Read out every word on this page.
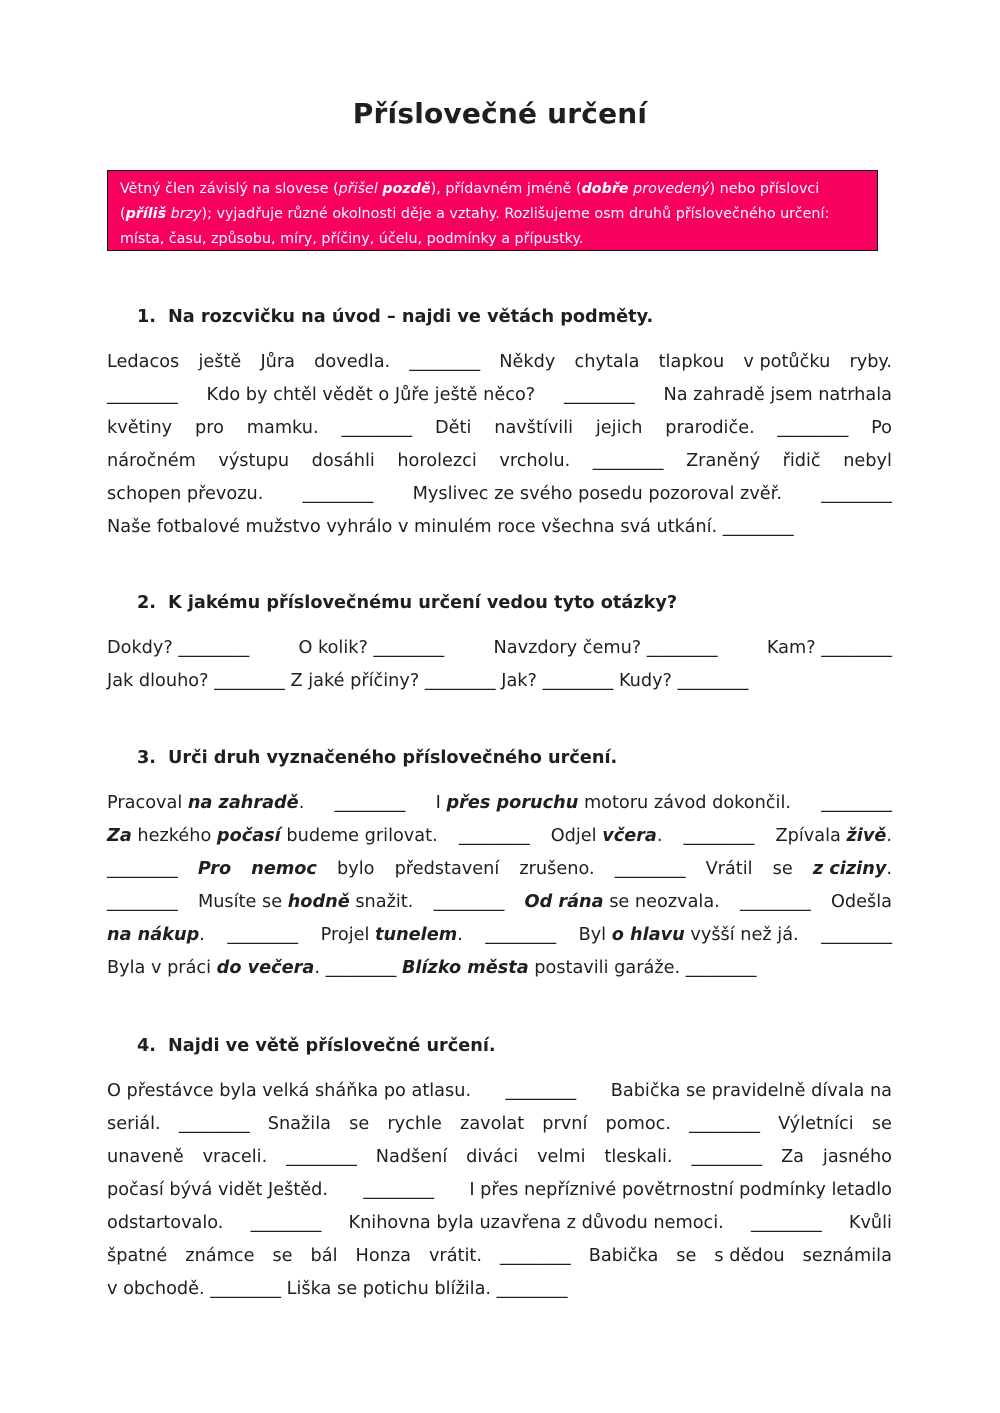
Příslovečné určení
Větný člen závislý na slovese (přišel pozdě), přídavném jméně (dobře provedený) nebo příslovci
(příliš brzy); vyjadřuje různé okolnosti děje a vztahy. Rozlišujeme osm druhů příslovečného určení:
místa, času, způsobu, míry, příčiny, účelu, podmínky a přípustky.
1. Na rozcvičku na úvod – najdi ve větách podměty.
Ledacos ještě Jůra dovedla. ________	Někdy chytala tlapkou v potůčku ryby.
________
Kdo by chtěl vědět o Jůře ještě něco? ________	Na zahradě jsem natrhala
květiny pro mamku. ________	Děti navštívili jejich prarodiče. ________	Po
náročném výstupu dosáhli horolezci vrcholu. ________	Zraněný řidič nebyl
schopen převozu. ________	Myslivec ze svého posedu pozoroval zvěř.
________
Naše fotbalové mužstvo vyhrálo v minulém roce všechna svá utkání. ________
2. K jakému příslovečnému určení vedou tyto otázky?
Dokdy? ________	O kolik? ________	Navzdory čemu? ________	Kam? ________
Jak dlouho? ________	Z jaké příčiny? ________	Jak? ________	Kudy? ________
3. Urči druh vyznačeného příslovečného určení.
Pracoval na zahradě. ________	I přes poruchu motoru závod dokončil.
________
Za hezkého počasí budeme grilovat. ________	Odjel včera. ________	Zpívala živě.
________
Pro nemoc bylo představení zrušeno. ________	Vrátil se z ciziny.
________
Musíte se hodně snažit. ________	Od rána se neozvala. ________	Odešla
na nákup. ________	Projel tunelem. ________	Byl o hlavu vyšší než já.
________
Byla v práci do večera. ________	Blízko města postavili garáže. ________
4. Najdi ve větě příslovečné určení.
O přestávce byla velká sháňka po atlasu. ________	Babička se pravidelně dívala na
seriál. ________	Snažila se rychle zavolat první pomoc. ________	Výletníci se
unaveně vraceli. ________	Nadšení diváci velmi tleskali. ________	Za jasného
počasí bývá vidět Ještěd. ________	I přes nepříznivé povětrnostní podmínky letadlo
odstartovalo. ________	Knihovna byla uzavřena z důvodu nemoci. ________	Kvůli
špatné známce se bál Honza vrátit. ________	Babička se s dědou seznámila
v obchodě. ________	Liška se potichu blížila. ________
